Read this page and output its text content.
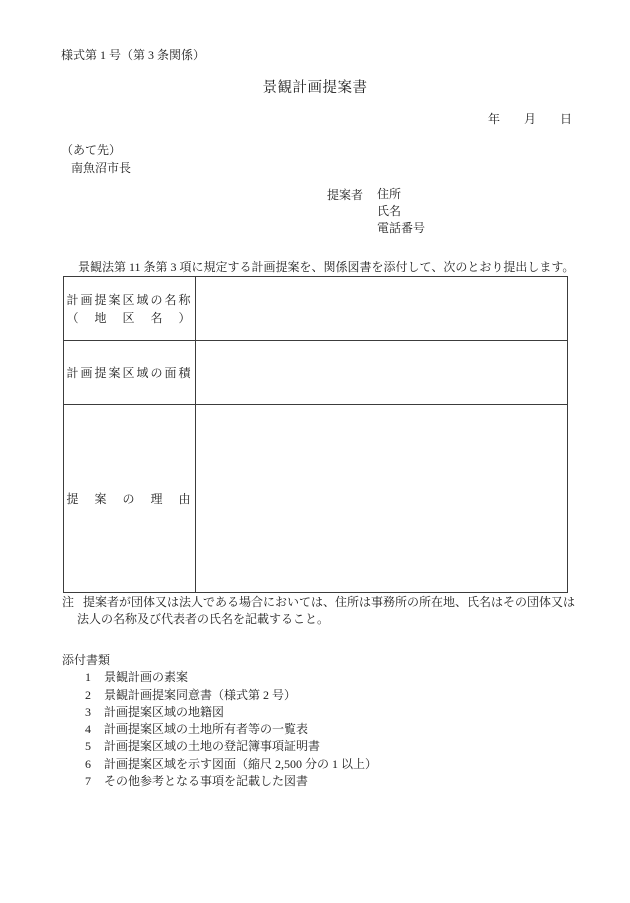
様式第 1 号（第 3 条関係）
景観計画提案書
年　　月　　日
（あて先）
南魚沼市長
提案者 住所
氏名
電話番号
景観法第 11 条第 3 項に規定する計画提案を、関係図書を添付して、次のとおり提出します。
計画提案区域の名称
（　地　区　名　）
計画提案区域の面積
提　案　の　理　由
注 提案者が団体又は法人である場合においては、住所は事務所の所在地、氏名はその団体又は
法人の名称及び代表者の氏名を記載すること。
添付書類
1	景観計画の素案
2	景観計画提案同意書（様式第 2 号）
3	計画提案区域の地籍図
4	計画提案区域の土地所有者等の一覧表
5	計画提案区域の土地の登記簿事項証明書
6	計画提案区域を示す図面（縮尺 2,500 分の 1 以上）
7	その他参考となる事項を記載した図書
